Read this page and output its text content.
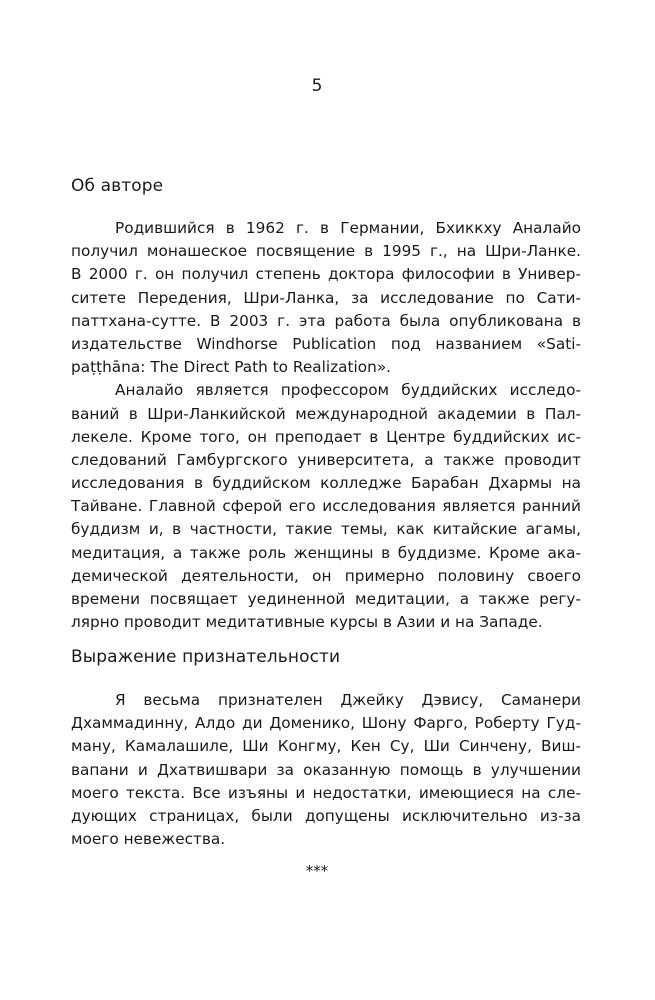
5
Об авторе
Родившийся в 1962 г. в Германии, Бхиккху Аналайо
получил монашеское посвящение в 1995 г., на Шри-Ланке.
В 2000 г. он получил степень доктора философии в Универ-
ситете Передения, Шри-Ланка, за исследование по Сати-
паттхана-сутте. В 2003 г. эта работа была опубликована в
издательстве Windhorse Publication под названием «Sati-
paṭṭhāna: The Direct Path to Realization».
Аналайо является профессором буддийских исследо-
ваний в Шри-Ланкийской международной академии в Пал-
лекеле. Кроме того, он преподает в Центре буддийских ис-
следований Гамбургского университета, а также проводит
исследования в буддийском колледже Барабан Дхармы на
Тайване. Главной сферой его исследования является ранний
буддизм и, в частности, такие темы, как китайские агамы,
медитация, а также роль женщины в буддизме. Кроме ака-
демической деятельности, он примерно половину своего
времени посвящает уединенной медитации, а также регу-
лярно проводит медитативные курсы в Азии и на Западе.
Выражение признательности
Я весьма признателен Джейку Дэвису, Саманери
Дхаммадинну, Алдо ди Доменико, Шону Фарго, Роберту Гуд-
ману, Камалашиле, Ши Конгму, Кен Су, Ши Синчену, Виш-
вапани и Дхатвишвари за оказанную помощь в улучшении
моего текста. Все изъяны и недостатки, имеющиеся на сле-
дующих страницах, были допущены исключительно из-за
моего невежества.
***
